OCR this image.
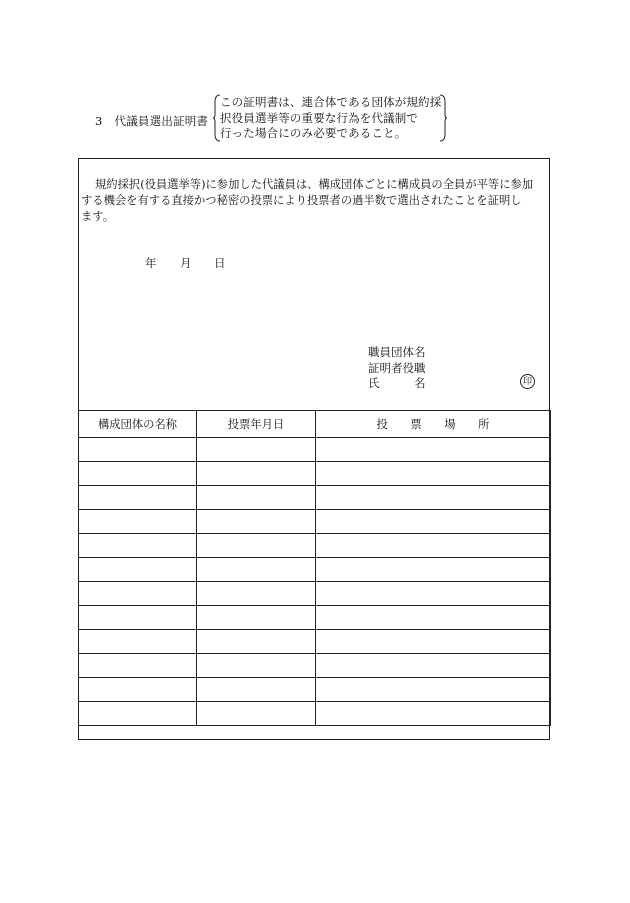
3 代議員選出証明書
この証明書は、連合体である団体が規約採
択役員選挙等の重要な行為を代議制で
行った場合にのみ必要であること。
規約採択(役員選挙等)に参加した代議員は、構成団体ごとに構成員の全員が平等に参加
する機会を有する直接かつ秘密の投票により投票者の過半数で選出されたことを証明し
ます。
年 月 日
職員団体名
証明者役職
氏　　　名	印
構成団体の名称	投票年月日	投　　票　　場　　所
